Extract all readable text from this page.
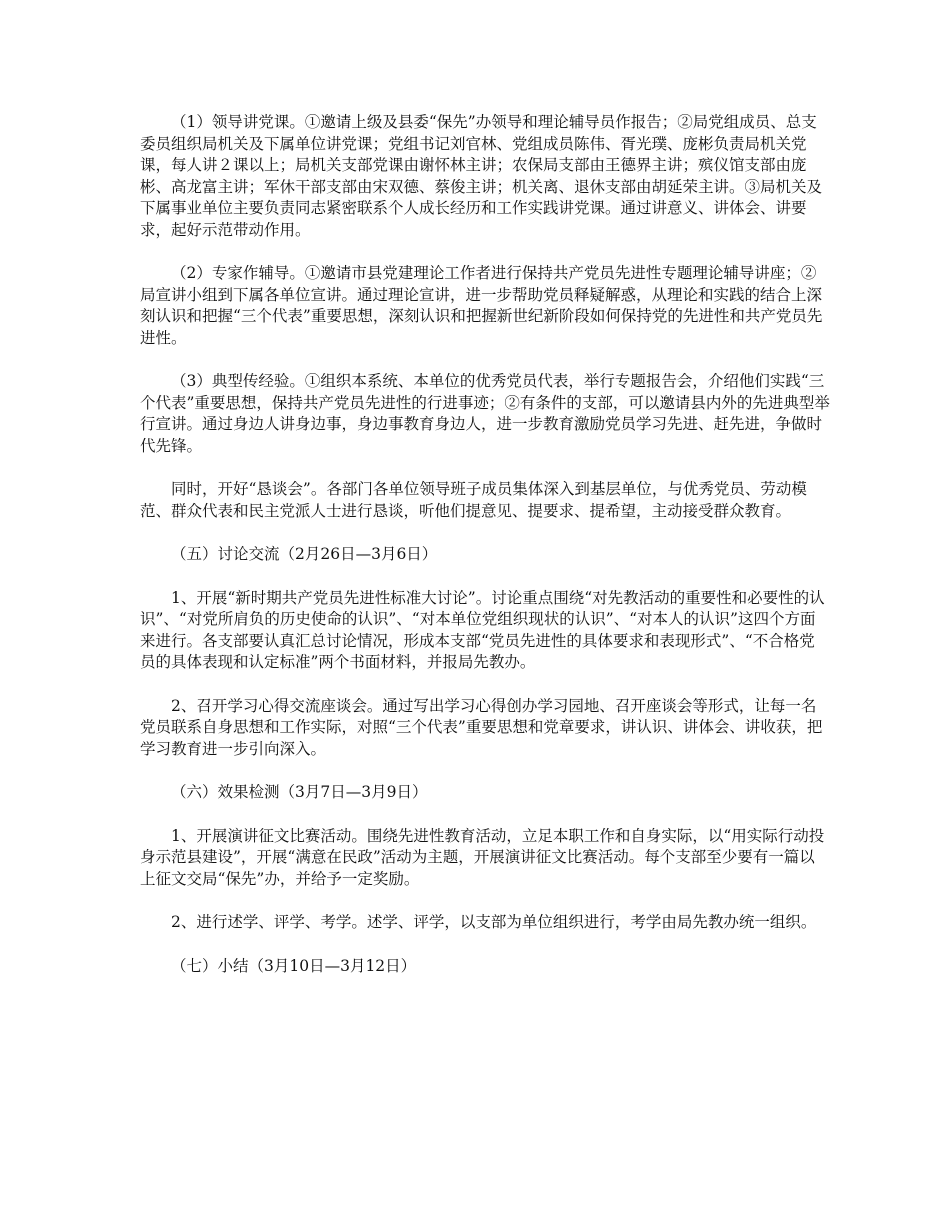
（1）领导讲党课。①邀请上级及县委“保先”办领导和理论辅导员作报告；②局党组成员、总支委员组织局机关及下属单位讲党课；党组书记刘官林、党组成员陈伟、胥光璞、庞彬负责局机关党课，每人讲２课以上；局机关支部党课由谢怀林主讲；农保局支部由王德界主讲；殡仪馆支部由庞彬、高龙富主讲；军休干部支部由宋双德、蔡俊主讲；机关离、退休支部由胡延荣主讲。③局机关及下属事业单位主要负责同志紧密联系个人成长经历和工作实践讲党课。通过讲意义、讲体会、讲要求，起好示范带动作用。

（2）专家作辅导。①邀请市县党建理论工作者进行保持共产党员先进性专题理论辅导讲座；②局宣讲小组到下属各单位宣讲。通过理论宣讲，进一步帮助党员释疑解惑，从理论和实践的结合上深刻认识和把握“三个代表”重要思想，深刻认识和把握新世纪新阶段如何保持党的先进性和共产党员先进性。

（3）典型传经验。①组织本系统、本单位的优秀党员代表，举行专题报告会，介绍他们实践“三个代表”重要思想，保持共产党员先进性的行进事迹；②有条件的支部，可以邀请县内外的先进典型举行宣讲。通过身边人讲身边事，身边事教育身边人，进一步教育激励党员学习先进、赶先进，争做时代先锋。

同时，开好“恳谈会”。各部门各单位领导班子成员集体深入到基层单位，与优秀党员、劳动模范、群众代表和民主党派人士进行恳谈，听他们提意见、提要求、提希望，主动接受群众教育。

（五）讨论交流（2月26日—3月6日）

1、开展“新时期共产党员先进性标准大讨论”。讨论重点围绕“对先教活动的重要性和必要性的认识”、“对党所肩负的历史使命的认识”、“对本单位党组织现状的认识”、“对本人的认识”这四个方面来进行。各支部要认真汇总讨论情况，形成本支部“党员先进性的具体要求和表现形式”、“不合格党员的具体表现和认定标准”两个书面材料，并报局先教办。

2、召开学习心得交流座谈会。通过写出学习心得创办学习园地、召开座谈会等形式，让每一名党员联系自身思想和工作实际，对照“三个代表”重要思想和党章要求，讲认识、讲体会、讲收获，把学习教育进一步引向深入。

（六）效果检测（3月7日—3月9日）

1、开展演讲征文比赛活动。围绕先进性教育活动，立足本职工作和自身实际，以“用实际行动投身示范县建设”，开展“满意在民政”活动为主题，开展演讲征文比赛活动。每个支部至少要有一篇以上征文交局“保先”办，并给予一定奖励。

2、进行述学、评学、考学。述学、评学，以支部为单位组织进行，考学由局先教办统一组织。

（七）小结（3月10日—3月12日）
